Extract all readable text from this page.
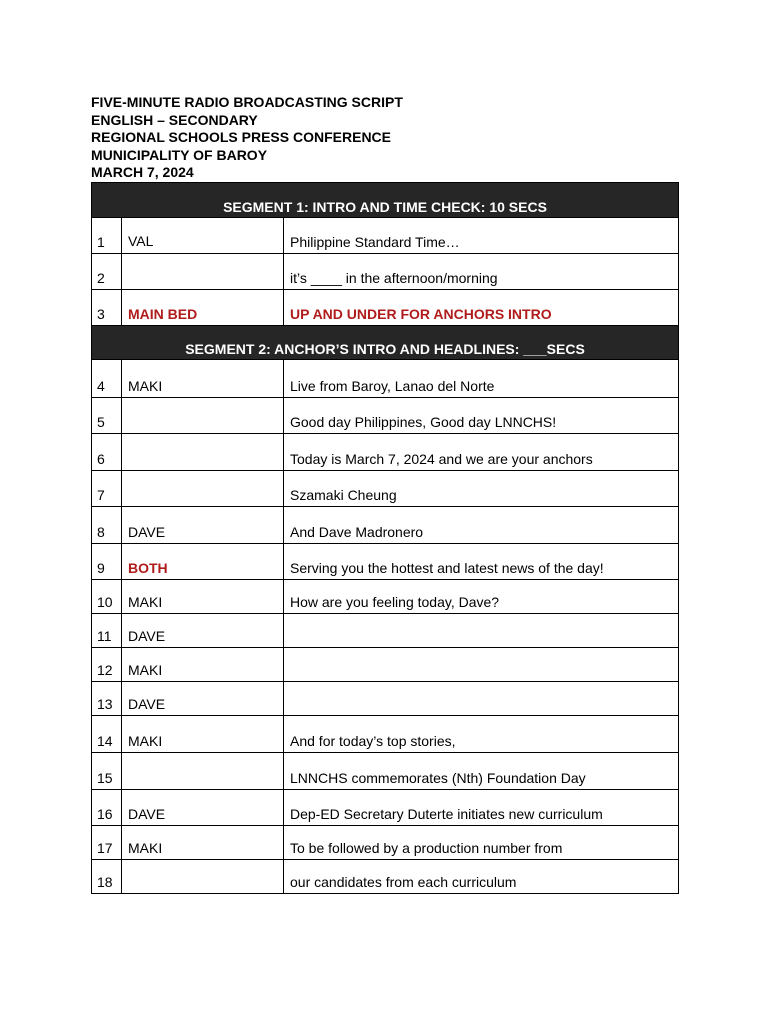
FIVE-MINUTE RADIO BROADCASTING SCRIPT
ENGLISH – SECONDARY
REGIONAL SCHOOLS PRESS CONFERENCE
MUNICIPALITY OF BAROY
MARCH 7, 2024
SEGMENT 1: INTRO AND TIME CHECK: 10 SECS		
1	VAL	Philippine Standard Time…
2		it’s ____ in the afternoon/morning
3	MAIN BED	UP AND UNDER FOR ANCHORS INTRO
SEGMENT 2: ANCHOR’S INTRO AND HEADLINES: ___SECS		
4	MAKI	Live from Baroy, Lanao del Norte
5		Good day Philippines, Good day LNNCHS!
6		Today is March 7, 2024 and we are your anchors
7		Szamaki Cheung
8	DAVE	And Dave Madronero
9	BOTH	Serving you the hottest and latest news of the day!
10	MAKI	How are you feeling today, Dave?
11	DAVE	
12	MAKI	
13	DAVE	
14	MAKI	And for today’s top stories,
15		LNNCHS commemorates (Nth) Foundation Day
16	DAVE	Dep-ED Secretary Duterte initiates new curriculum
17	MAKI	To be followed by a production number from
18		our candidates from each curriculum
